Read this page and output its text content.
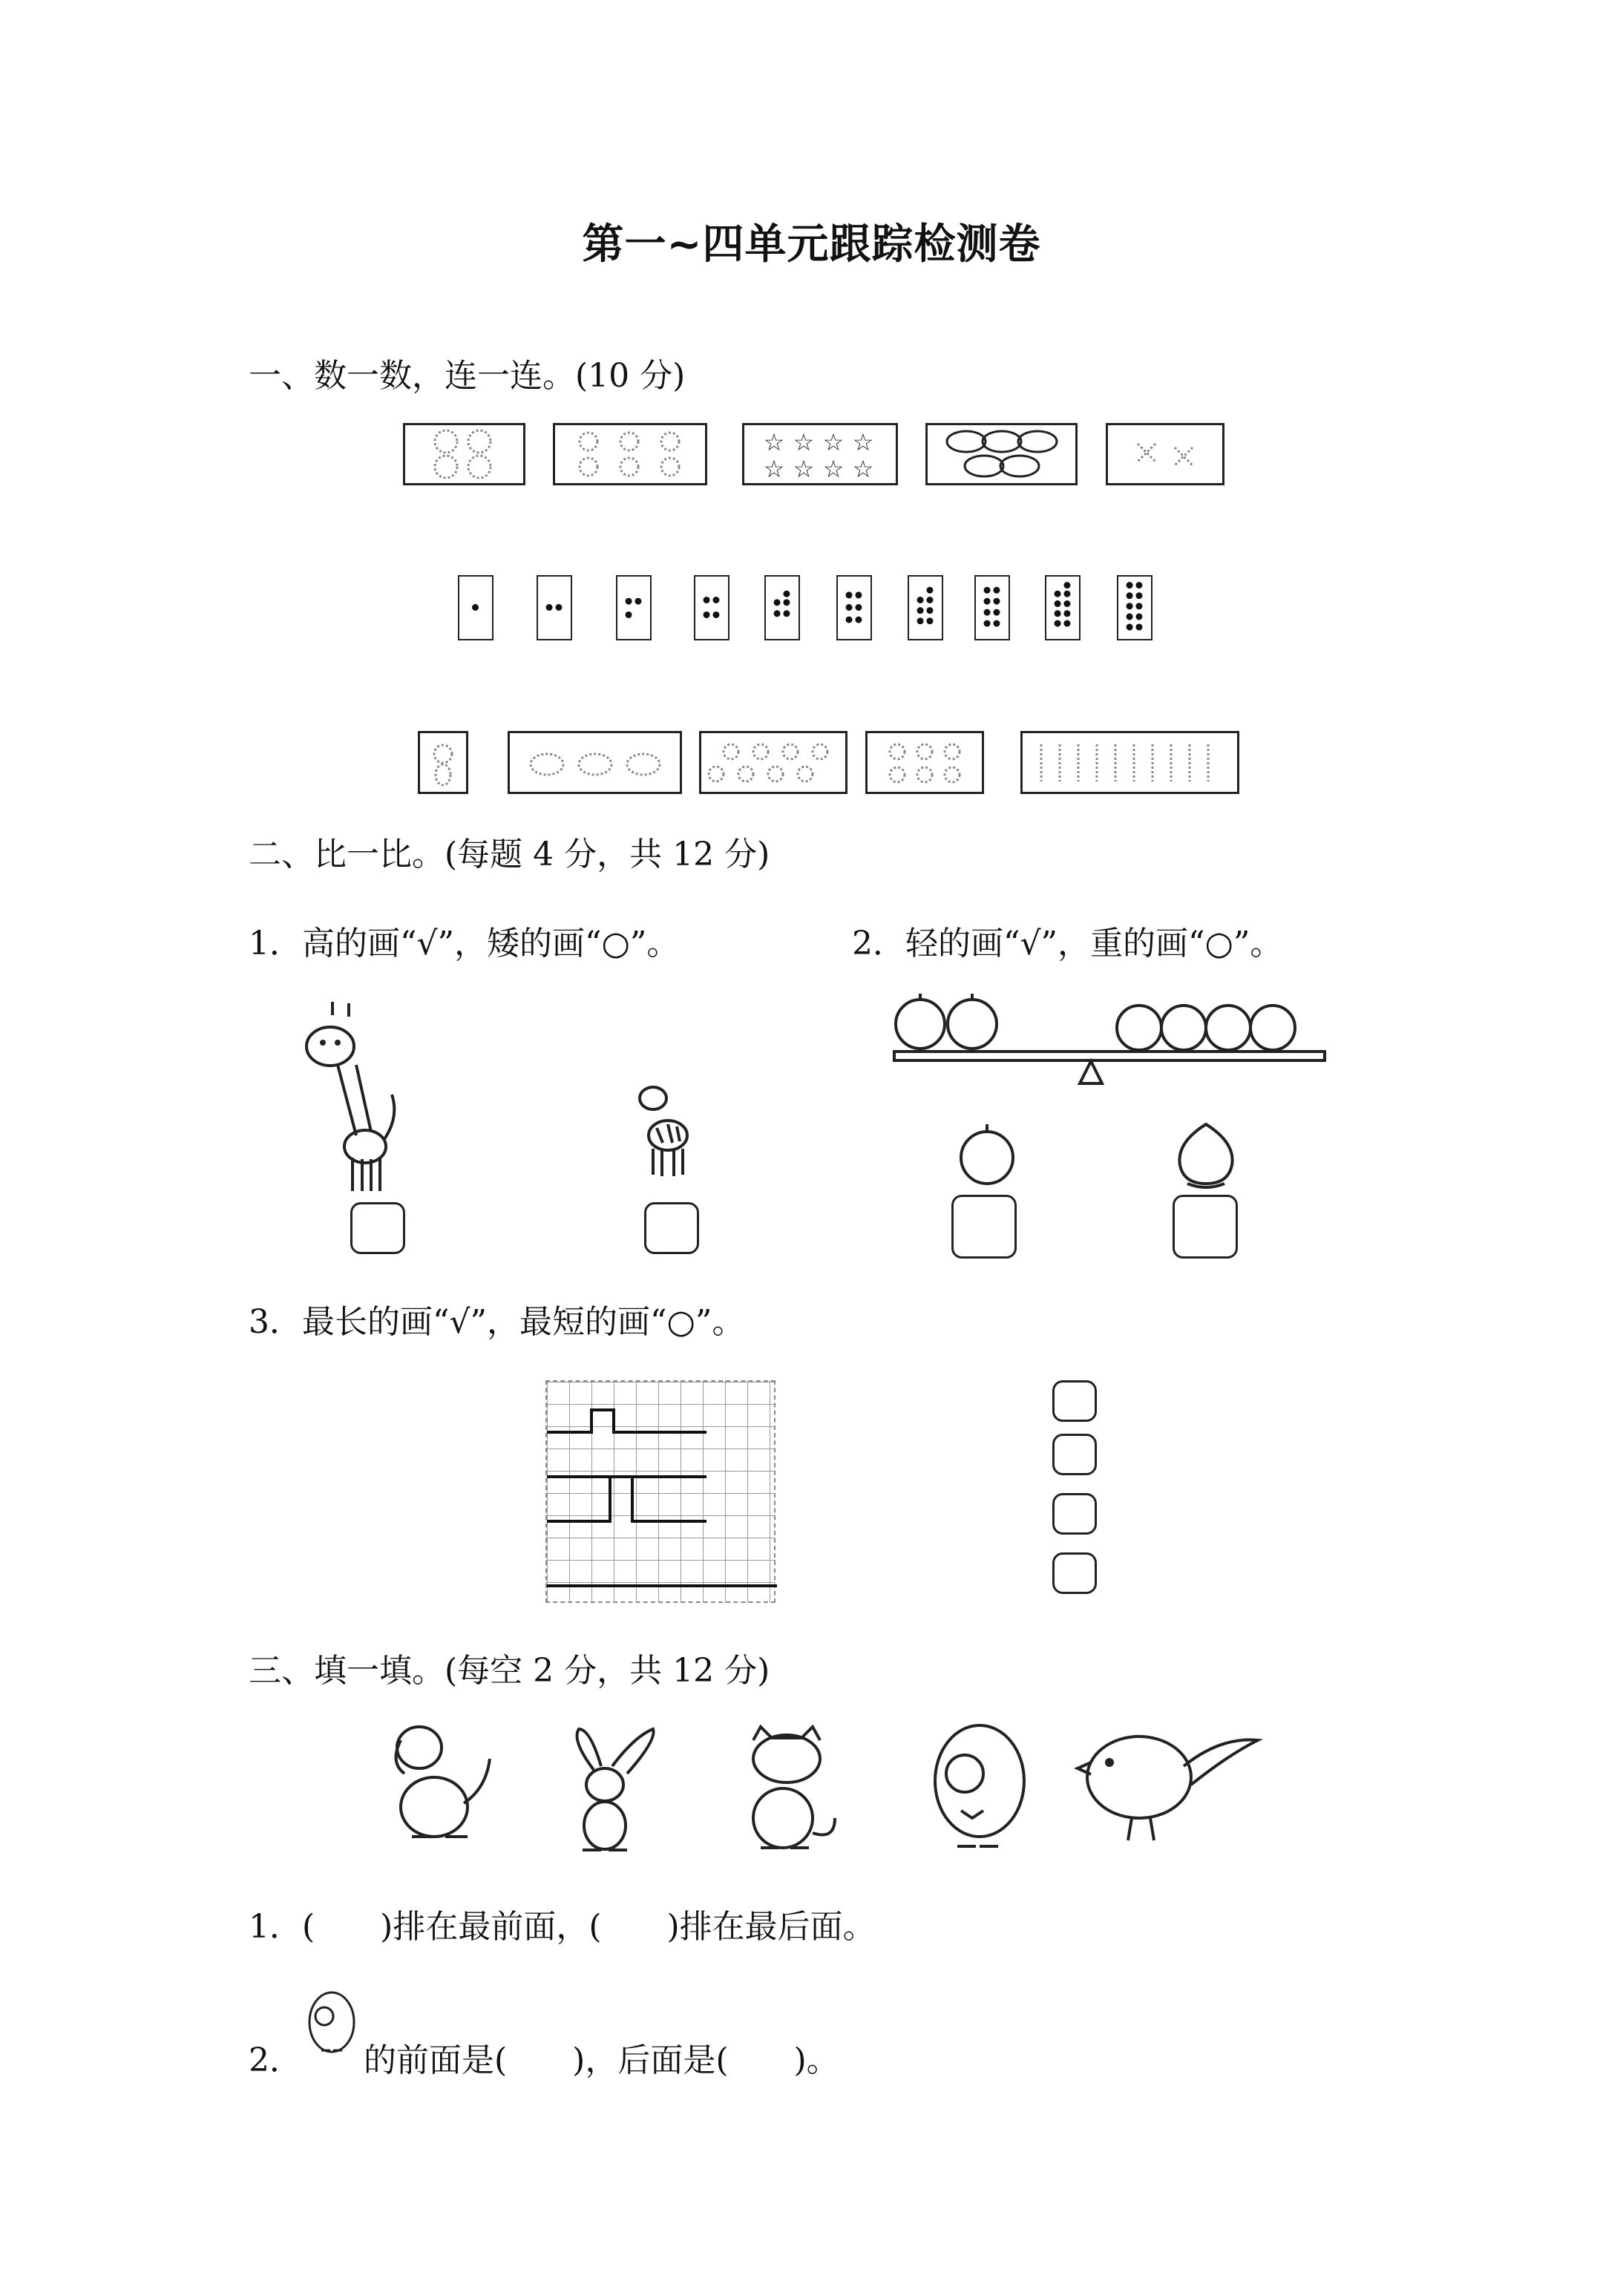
第一~四单元跟踪检测卷
一、数一数，连一连。(10 分)
☆ ☆ ☆ ☆
☆ ☆ ☆ ☆
二、比一比。(每题 4 分，共 12 分)
1．高的画“√”，矮的画“○”。	2．轻的画“√”，重的画“○”。
3．最长的画“√”，最短的画“○”。
三、填一填。(每空 2 分，共 12 分)
1．(　　)排在最前面，(　　)排在最后面。
2． 的前面是(　　)，后面是(　　)。
